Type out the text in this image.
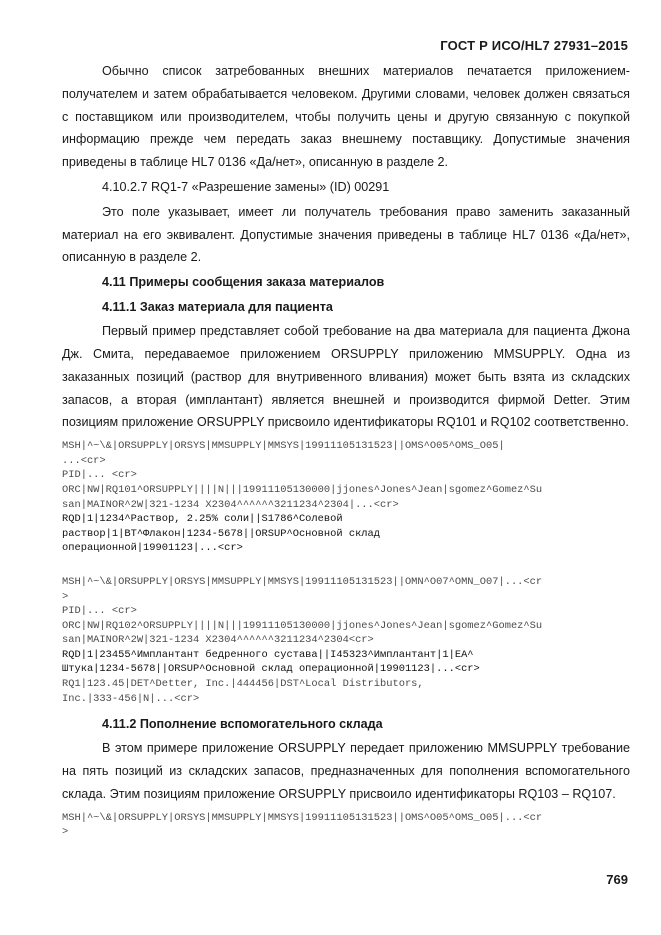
ГОСТ Р ИСО/HL7 27931–2015

Обычно список затребованных внешних материалов печатается приложением-получателем и затем обрабатывается человеком. Другими словами, человек должен связаться с поставщиком или производителем, чтобы получить цены и другую связанную с покупкой информацию прежде чем передать заказ внешнему поставщику. Допустимые значения приведены в таблице HL7 0136 «Да/нет», описанную в разделе 2.

4.10.2.7 RQ1-7 «Разрешение замены» (ID) 00291

Это поле указывает, имеет ли получатель требования право заменить заказанный материал на его эквивалент. Допустимые значения приведены в таблице HL7 0136 «Да/нет», описанную в разделе 2.

4.11 Примеры сообщения заказа материалов
4.11.1 Заказ материала для пациента

Первый пример представляет собой требование на два материала для пациента Джона Дж. Смита, передаваемое приложением ORSUPPLY приложению MMSUPPLY. Одна из заказанных позиций (раствор для внутривенного вливания) может быть взята из складских запасов, а вторая (имплантант) является внешней и производится фирмой Detter. Этим позициям приложение ORSUPPLY присвоило идентификаторы RQ101 и RQ102 соответственно.

MSH|^~\&|ORSUPPLY|ORSYS|MMSUPPLY|MMSYS|19911105131523||OMS^O05^OMS_O05|
...<cr>
PID|... <cr>
ORC|NW|RQ101^ORSUPPLY||||N|||19911105130000|jjones^Jones^Jean|sgomez^Gomez^Su
san|MAINOR^2W|321-1234 X2304^^^^^^3211234^2304|...<cr>
RQD|1|1234^Раствор, 2.25% соли||S1786^Солевой
раствор|1|BT^Флакон|1234-5678||ORSUP^Основной склад
операционной|19901123|...<cr>
MSH|^~\&|ORSUPPLY|ORSYS|MMSUPPLY|MMSYS|19911105131523||OMN^O07^OMN_O07|...<cr
>
PID|... <cr>
ORC|NW|RQ102^ORSUPPLY||||N|||19911105130000|jjones^Jones^Jean|sgomez^Gomez^Su
san|MAINOR^2W|321-1234 X2304^^^^^^3211234^2304<cr>
RQD|1|23455^Имплантант бедренного сустава||I45323^Имплантант|1|EA^
Штука|1234-5678||ORSUP^Основной склад операционной|19901123|...<cr>
RQ1|123.45|DET^Detter, Inc.|444456|DST^Local Distributors,
Inc.|333-456|N|...<cr>
4.11.2 Пополнение вспомогательного склада

В этом примере приложение ORSUPPLY передает приложению MMSUPPLY требование на пять позиций из складских запасов, предназначенных для пополнения вспомогательного склада. Этим позициям приложение ORSUPPLY присвоило идентификаторы RQ103 – RQ107.

MSH|^~\&|ORSUPPLY|ORSYS|MMSUPPLY|MMSYS|19911105131523||OMS^O05^OMS_O05|...<cr
>
769
